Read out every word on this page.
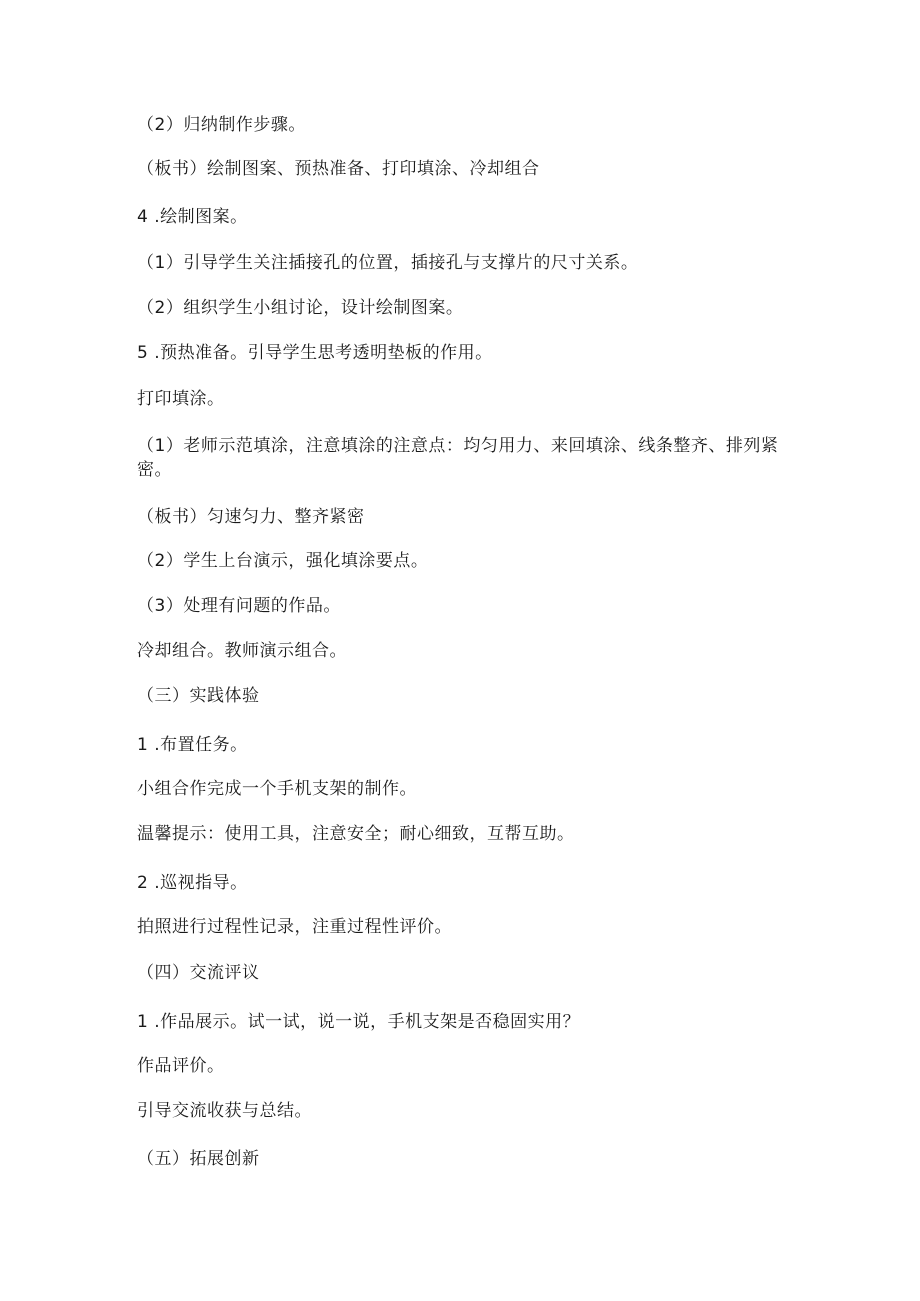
（2）归纳制作步骤。
（板书）绘制图案、预热准备、打印填涂、冷却组合
4 .绘制图案。
（1）引导学生关注插接孔的位置，插接孔与支撑片的尺寸关系。
（2）组织学生小组讨论，设计绘制图案。
5 .预热准备。引导学生思考透明垫板的作用。
打印填涂。
（1）老师示范填涂，注意填涂的注意点：均匀用力、来回填涂、线条整齐、排列紧密。
（板书）匀速匀力、整齐紧密
（2）学生上台演示，强化填涂要点。
（3）处理有问题的作品。
冷却组合。教师演示组合。
（三）实践体验
1 .布置任务。
小组合作完成一个手机支架的制作。
温馨提示：使用工具，注意安全；耐心细致，互帮互助。
2 .巡视指导。
拍照进行过程性记录，注重过程性评价。
（四）交流评议
1 .作品展示。试一试，说一说，手机支架是否稳固实用？
作品评价。
引导交流收获与总结。
（五）拓展创新
